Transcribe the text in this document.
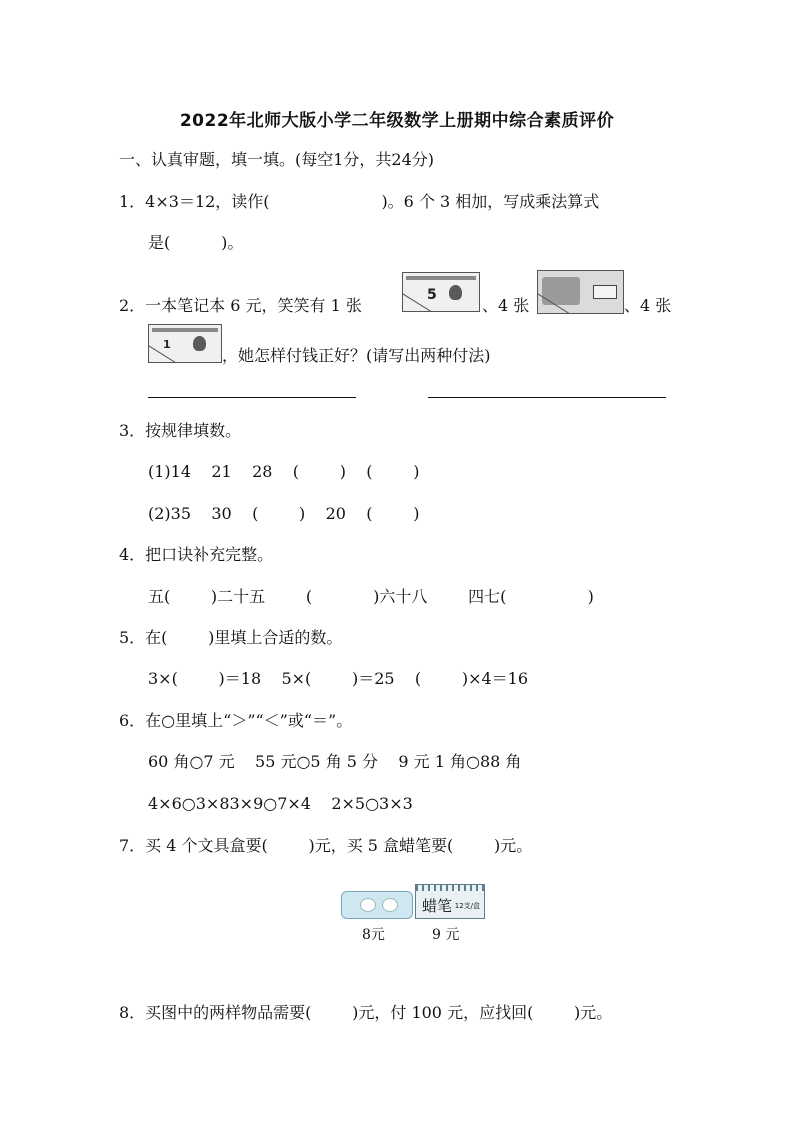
2022年北师大版小学二年级数学上册期中综合素质评价
一、认真审题，填一填。(每空1分，共24分)
1．4×3＝12，读作(                      )。6 个 3 相加，写成乘法算式
是(          )。
2．一本笔记本 6 元，笑笑有 1 张
5
、4 张	、4 张
1
，她怎样付钱正好？(请写出两种付法)
3．按规律填数。
(1)14    21    28    (        )    (        )
(2)35    30    (        )    20    (        )
4．把口诀补充完整。
五(        )二十五        (            )六十八        四七(                )
5．在(        )里填上合适的数。
3×(        )＝18    5×(        )＝25    (        )×4＝16
6．在○里填上“＞”“＜”或“＝”。
60 角○7 元    55 元○5 角 5 分    9 元 1 角○88 角
4×6○3×83×9○7×4    2×5○3×3
7．买 4 个文具盒要(        )元，买 5 盒蜡笔要(        )元。
蜡笔 12支/盒
8元	9 元
8．买图中的两样物品需要(        )元，付 100 元，应找回(        )元。
